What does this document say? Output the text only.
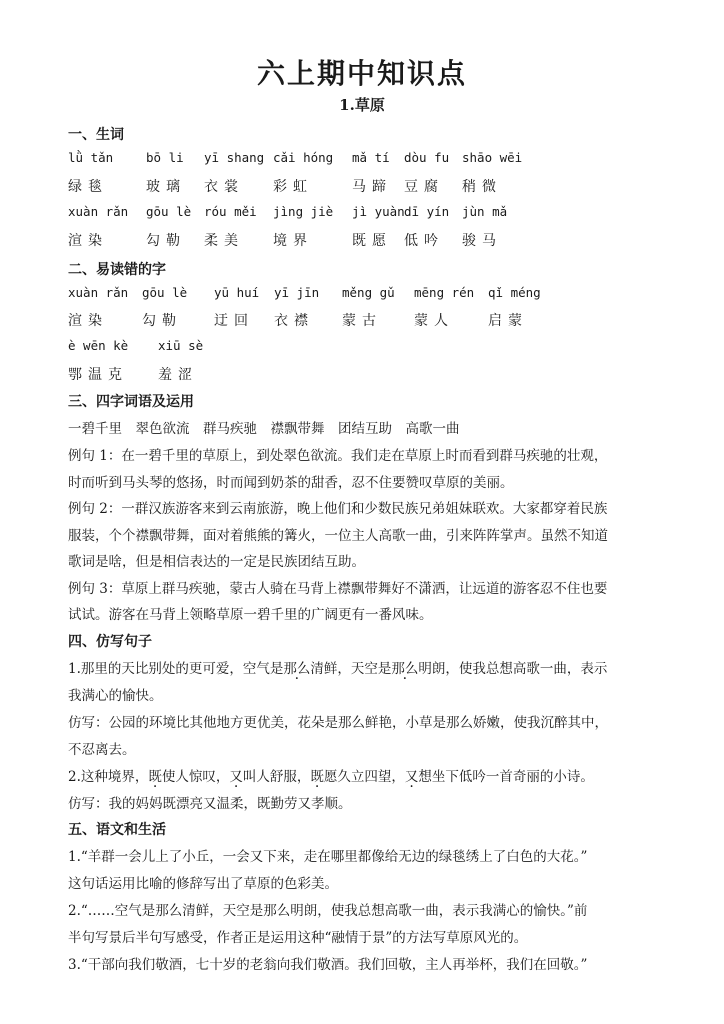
六上期中知识点
1.草原
一、生词
lǜ tǎn	bō li yī shang cǎi hóng mǎ tí dòu fu shāo wēi
绿毯	玻璃 衣裳 彩虹	马蹄 豆腐 稍微
xuàn rǎn gōu lè róu měi jìng jiè jì yuàn dī yín jùn mǎ
渲染	勾勒 柔美 境界	既愿 低吟 骏马
二、易读错的字
xuàn rǎn gōu lè yū huí yī jīn měng gǔ mēng rén qǐ méng
渲染 勾勒 迂回 衣襟 蒙古 蒙人 启蒙
è wēn kè xiū sè
鄂温克 羞涩
三、四字词语及运用
一碧千里　翠色欲流　群马疾驰　襟飘带舞　团结互助　高歌一曲
例句 1：在一碧千里的草原上，到处翠色欲流。我们走在草原上时而看到群马疾驰的壮观，
时而听到马头琴的悠扬，时而闻到奶茶的甜香，忍不住要赞叹草原的美丽。
例句 2：一群汉族游客来到云南旅游，晚上他们和少数民族兄弟姐妹联欢。大家都穿着民族
服装，个个襟飘带舞，面对着熊熊的篝火，一位主人高歌一曲，引来阵阵掌声。虽然不知道
歌词是啥，但是相信表达的一定是民族团结互助。
例句 3：草原上群马疾驰，蒙古人骑在马背上襟飘带舞好不潇洒，让远道的游客忍不住也要
试试。游客在马背上领略草原一碧千里的广阔更有一番风味。
四、仿写句子
1.那里的天比别处的更可爱，空气是那么清鲜，天空是那么明朗，使我总想高歌一曲，表示
我满心的愉快。
仿写：公园的环境比其他地方更优美，花朵是那么鲜艳，小草是那么娇嫩，使我沉醉其中，
不忍离去。
2.这种境界，既使人惊叹，又叫人舒服，既愿久立四望，又想坐下低吟一首奇丽的小诗。
仿写：我的妈妈既漂亮又温柔，既勤劳又孝顺。
五、语文和生活
1.“羊群一会儿上了小丘，一会又下来，走在哪里都像给无边的绿毯绣上了白色的大花。”
这句话运用比喻的修辞写出了草原的色彩美。
2.“……空气是那么清鲜，天空是那么明朗，使我总想高歌一曲，表示我满心的愉快。”前
半句写景后半句写感受，作者正是运用这种“融情于景”的方法写草原风光的。
3.“干部向我们敬酒，七十岁的老翁向我们敬酒。我们回敬，主人再举杯，我们在回敬。”
